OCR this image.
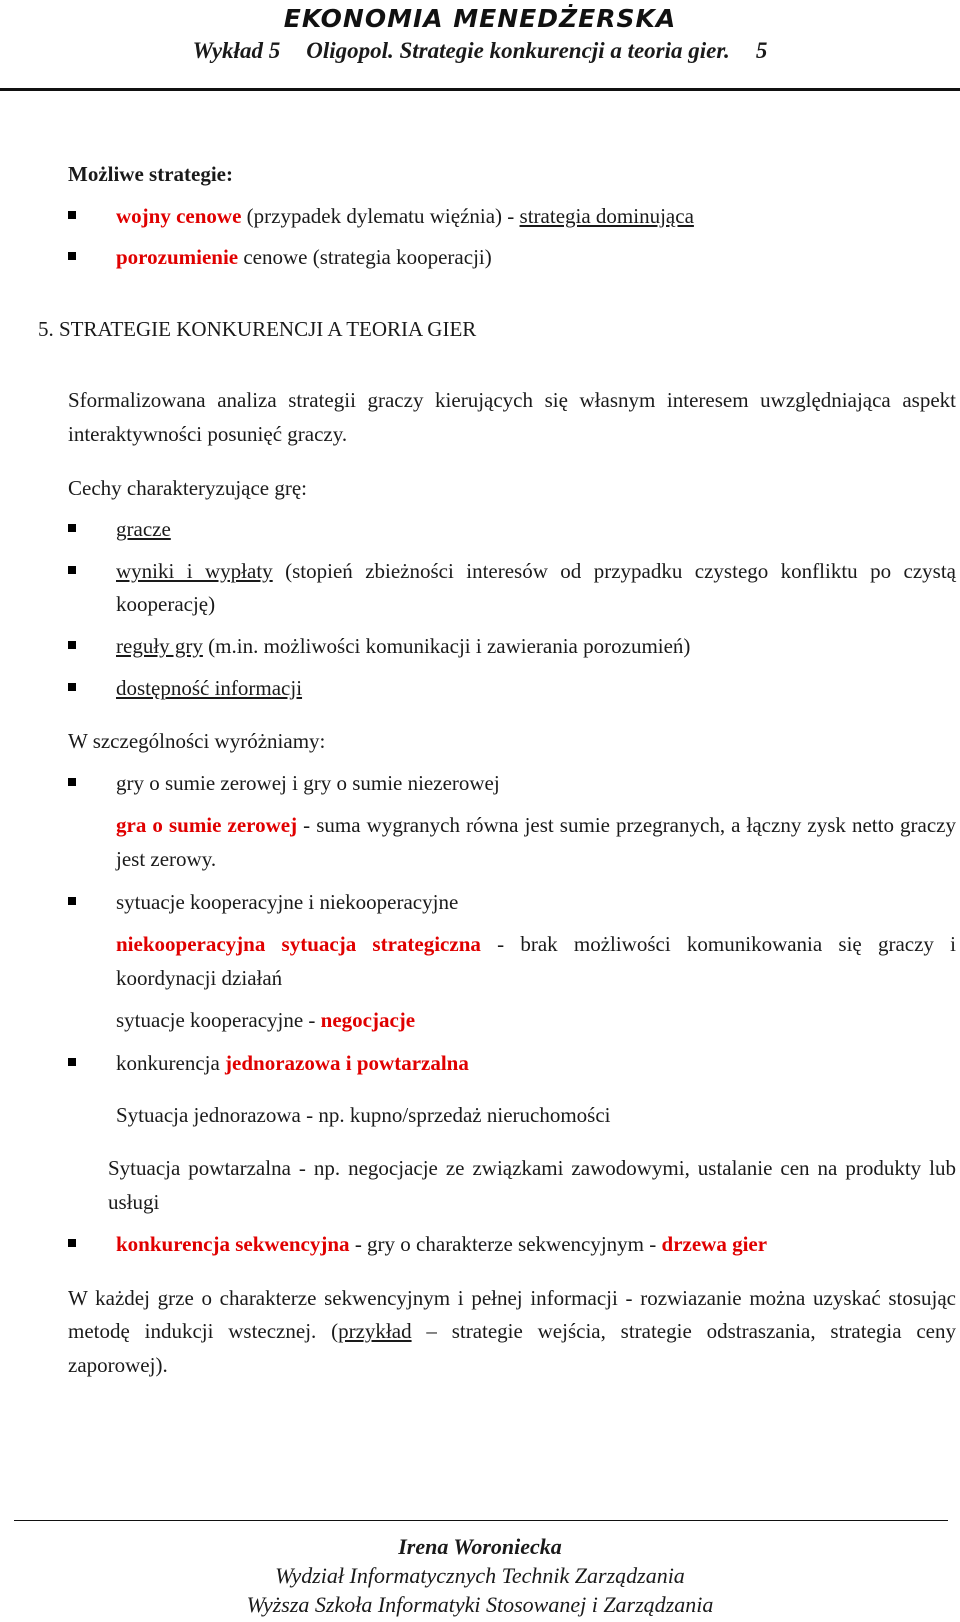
EKONOMIA MENEDŻERSKA
Wykład 5 Oligopol. Strategie konkurencji a teoria gier. 5

Możliwe strategie:

wojny cenowe (przypadek dylematu więźnia) - strategia dominująca
porozumienie cenowe (strategia kooperacji)

5. STRATEGIE KONKURENCJI A TEORIA GIER

Sformalizowana analiza strategii graczy kierujących się własnym interesem uwzględniająca aspekt interaktywności posunięć graczy.

Cechy charakteryzujące grę:

gracze
wyniki i wypłaty (stopień zbieżności interesów od przypadku czystego konfliktu po czystą kooperację)
reguły gry (m.in. możliwości komunikacji i zawierania porozumień)
dostępność informacji

W szczególności wyróżniamy:

gry o sumie zerowej i gry o sumie niezerowej
gra o sumie zerowej - suma wygranych równa jest sumie przegranych, a łączny zysk netto graczy jest zerowy.
sytuacje kooperacyjne i niekooperacyjne
niekooperacyjna sytuacja strategiczna - brak możliwości komunikowania się graczy i koordynacji działań
sytuacje kooperacyjne - negocjacje
konkurencja jednorazowa i powtarzalna
Sytuacja jednorazowa - np. kupno/sprzedaż nieruchomości
Sytuacja powtarzalna - np. negocjacje ze związkami zawodowymi, ustalanie cen na produkty lub usługi
konkurencja sekwencyjna - gry o charakterze sekwencyjnym - drzewa gier

W każdej grze o charakterze sekwencyjnym i pełnej informacji - rozwiazanie można uzyskać stosując metodę indukcji wstecznej. (przykład – strategie wejścia, strategie odstraszania, strategia ceny zaporowej).

Irena Woroniecka
Wydział Informatycznych Technik Zarządzania
Wyższa Szkoła Informatyki Stosowanej i Zarządzania
